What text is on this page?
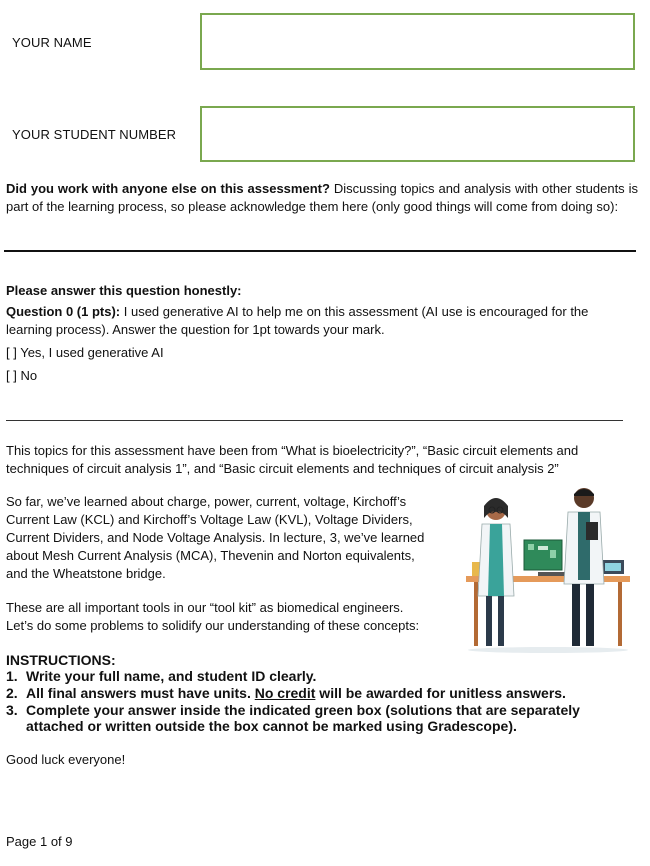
YOUR NAME
YOUR STUDENT NUMBER
Did you work with anyone else on this assessment? Discussing topics and analysis with other students is part of the learning process, so please acknowledge them here (only good things will come from doing so):
Please answer this question honestly:
Question 0 (1 pts): I used generative AI to help me on this assessment (AI use is encouraged for the learning process). Answer the question for 1pt towards your mark.
[ ] Yes, I used generative AI
[ ] No
This topics for this assessment have been from “What is bioelectricity?”, “Basic circuit elements and techniques of circuit analysis 1”, and “Basic circuit elements and techniques of circuit analysis 2”
So far, we’ve learned about charge, power, current, voltage, Kirchoff’s
Current Law (KCL) and Kirchoff’s Voltage Law (KVL), Voltage Dividers,
Current Dividers, and Node Voltage Analysis. In lecture, 3, we’ve learned
about Mesh Current Analysis (MCA), Thevenin and Norton equivalents,
and the Wheatstone bridge.
These are all important tools in our “tool kit” as biomedical engineers.
Let’s do some problems to solidify our understanding of these concepts:
INSTRUCTIONS:
1. Write your full name, and student ID clearly.
2. All final answers must have units. No credit will be awarded for unitless answers.
3. Complete your answer inside the indicated green box (solutions that are separately
attached or written outside the box cannot be marked using Gradescope).
Good luck everyone!
Page 1 of 9
